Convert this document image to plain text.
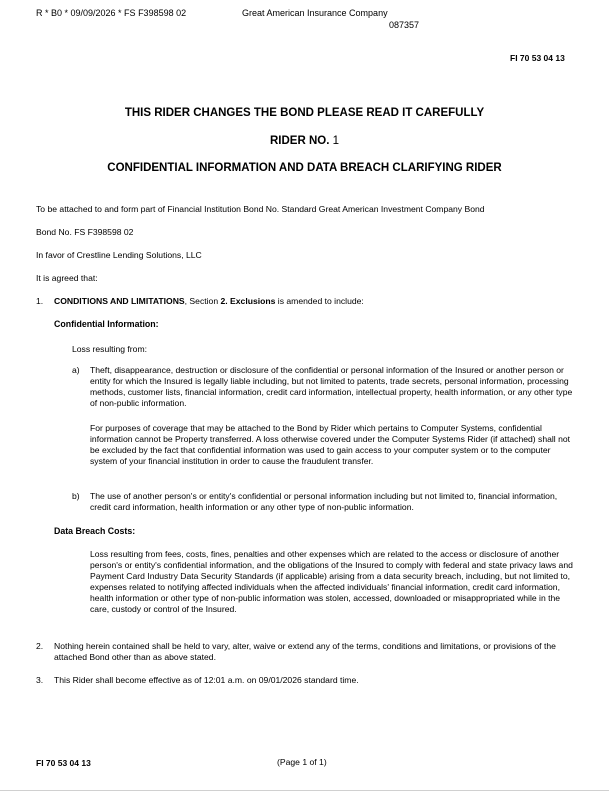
R * B0 * 09/09/2026 * FS F398598 02	Great American Insurance Company
087357
FI 70 53 04 13
THIS RIDER CHANGES THE BOND PLEASE READ IT CAREFULLY
RIDER NO. 1
CONFIDENTIAL INFORMATION AND DATA BREACH CLARIFYING RIDER
To be attached to and form part of Financial Institution Bond No. Standard Great American Investment Company Bond
Bond No. FS F398598 02
In favor of Crestline Lending Solutions, LLC
It is agreed that:
1. CONDITIONS AND LIMITATIONS, Section 2. Exclusions is amended to include:
Confidential Information:
Loss resulting from:
a) Theft, disappearance, destruction or disclosure of the confidential or personal information of the Insured or another person or entity for which the Insured is legally liable including, but not limited to patents, trade secrets, personal information, processing methods, customer lists, financial information, credit card information, intellectual property, health information, or any other type of non-public information.
For purposes of coverage that may be attached to the Bond by Rider which pertains to Computer Systems, confidential information cannot be Property transferred. A loss otherwise covered under the Computer Systems Rider (if attached) shall not be excluded by the fact that confidential information was used to gain access to your computer system or to the computer system of your financial institution in order to cause the fraudulent transfer.
b) The use of another person's or entity's confidential or personal information including but not limited to, financial information, credit card information, health information or any other type of non-public information.
Data Breach Costs:
Loss resulting from fees, costs, fines, penalties and other expenses which are related to the access or disclosure of another person's or entity's confidential information, and the obligations of the Insured to comply with federal and state privacy laws and Payment Card Industry Data Security Standards (if applicable) arising from a data security breach, including, but not limited to, expenses related to notifying affected individuals when the affected individuals' financial information, credit card information, health information or other type of non-public information was stolen, accessed, downloaded or misappropriated while in the care, custody or control of the Insured.
2. Nothing herein contained shall be held to vary, alter, waive or extend any of the terms, conditions and limitations, or provisions of the attached Bond other than as above stated.
3. This Rider shall become effective as of 12:01 a.m. on 09/01/2026 standard time.
FI 70 53 04 13	(Page 1 of 1)
